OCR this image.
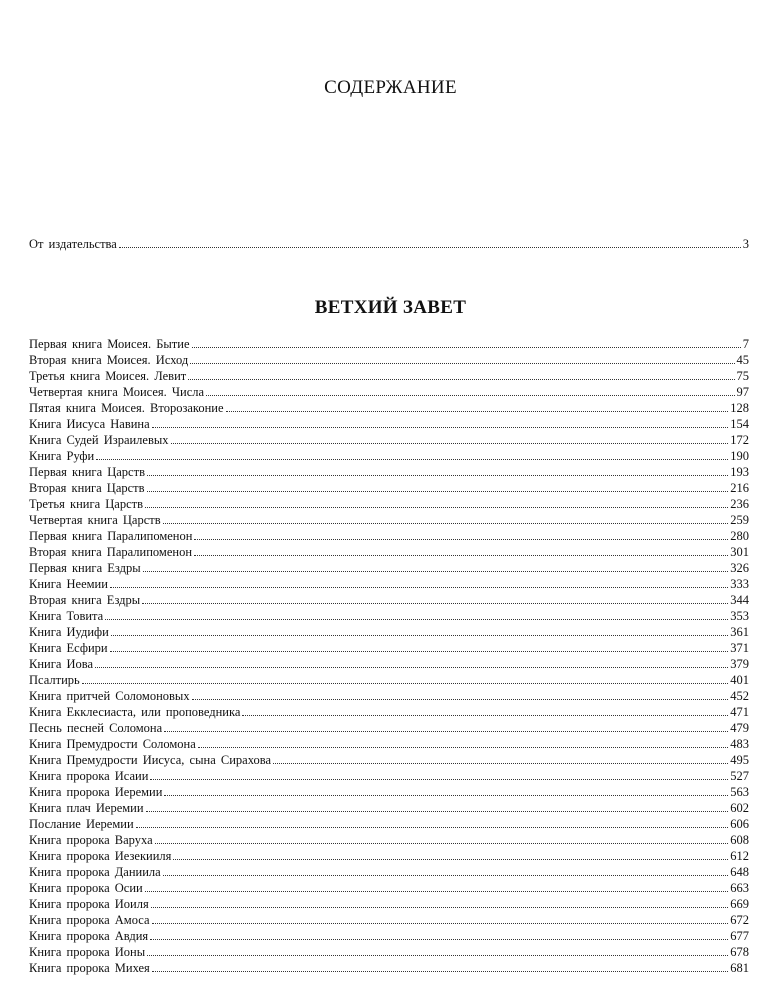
СОДЕРЖАНИЕ
От издательства	3
ВЕТХИЙ ЗАВЕТ
Первая книга Моисея. Бытие	7
Вторая книга Моисея. Исход	45
Третья книга Моисея. Левит	75
Четвертая книга Моисея. Числа	97
Пятая книга Моисея. Второзаконие	128
Книга Иисуса Навина	154
Книга Судей Израилевых	172
Книга Руфи	190
Первая книга Царств	193
Вторая книга Царств	216
Третья книга Царств	236
Четвертая книга Царств	259
Первая книга Паралипоменон	280
Вторая книга Паралипоменон	301
Первая книга Ездры	326
Книга Неемии	333
Вторая книга Ездры	344
Книга Товита	353
Книга Иудифи	361
Книга Есфири	371
Книга Иова	379
Псалтирь	401
Книга притчей Соломоновых	452
Книга Екклесиаста, или проповедника	471
Песнь песней Соломона	479
Книга Премудрости Соломона	483
Книга Премудрости Иисуса, сына Сирахова	495
Книга пророка Исаии	527
Книга пророка Иеремии	563
Книга плач Иеремии	602
Послание Иеремии	606
Книга пророка Варуха	608
Книга пророка Иезекииля	612
Книга пророка Даниила	648
Книга пророка Осии	663
Книга пророка Иоиля	669
Книга пророка Амоса	672
Книга пророка Авдия	677
Книга пророка Ионы	678
Книга пророка Михея	681
